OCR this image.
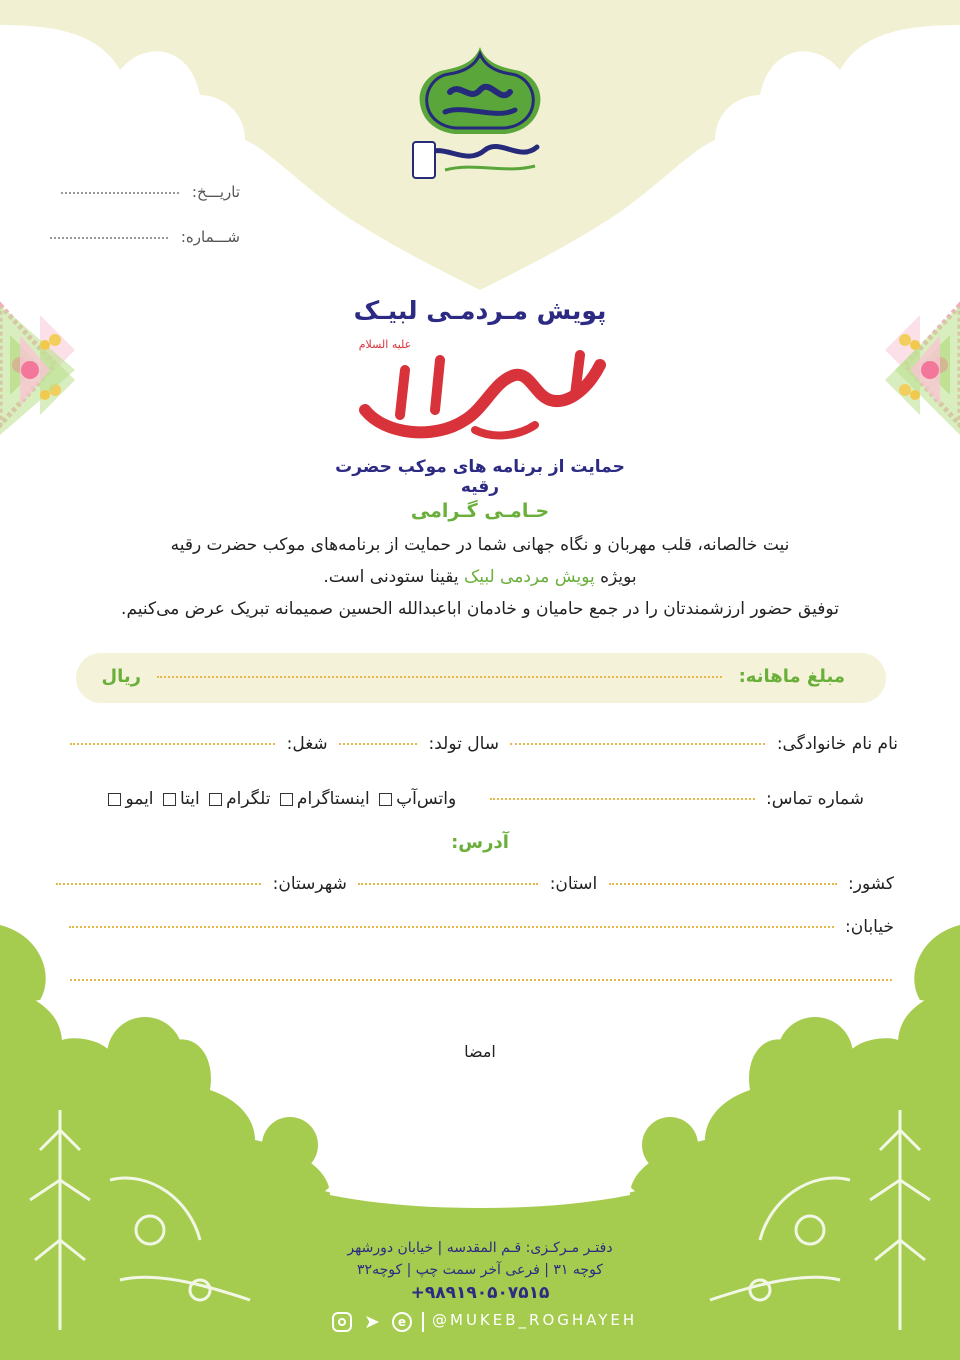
تاریـــخ:
شـــماره:
پویش مـردمـی لبیـک
علیه السلام
حمایت از برنامه های موکب حضرت رقیه
حـامـی گـرامی
نیت خالصانه، قلب مهربان و نگاه جهانی شما در حمایت از برنامه‌های موکب حضرت رقیه
بویژه پویش مردمی لبیک یقینا ستودنی است.
توفیق حضور ارزشمندتان را در جمع حامیان و خادمان اباعبدالله الحسین صمیمانه تبریک عرض می‌کنیم.
مبلغ ماهانه:  ریال
نام نام خانوادگی:  سال تولد:  شغل:
شماره تماس:  واتس‌آپ اینستاگرام تلگرام ایتا ایمو
آدرس:
کشور:  استان:  شهرستان:
خیابان:
امضا
دفتـر مـرکـزی: قـم المقدسه | خیابان دورشهر
کوچه ۳۱ | فرعی آخر سمت چپ | کوچه۳۲
+۹۸۹۱۹۰۵۰۷۵۱۵
➤	e	@MUKEB_ROGHAYEH
